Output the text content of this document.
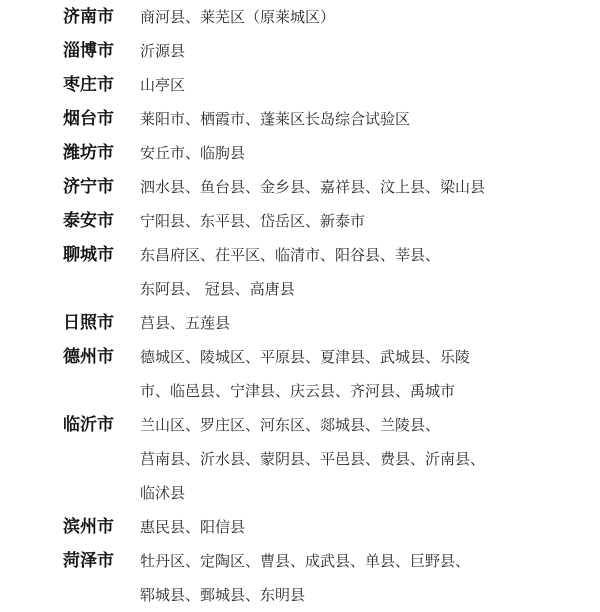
济南市	商河县、莱芜区（原莱城区）
淄博市	沂源县
枣庄市	山亭区
烟台市	莱阳市、栖霞市、蓬莱区长岛综合试验区
潍坊市	安丘市、临朐县
济宁市	泗水县、鱼台县、金乡县、嘉祥县、汶上县、梁山县
泰安市	宁阳县、东平县、岱岳区、新泰市
聊城市	东昌府区、茌平区、临清市、阳谷县、莘县、
东阿县、 冠县、高唐县
日照市	莒县、五莲县
德州市	德城区、陵城区、平原县、夏津县、武城县、乐陵
市、临邑县、宁津县、庆云县、齐河县、禹城市
临沂市	兰山区、罗庄区、河东区、郯城县、兰陵县、
莒南县、沂水县、蒙阴县、平邑县、费县、沂南县、
临沭县
滨州市	惠民县、阳信县
菏泽市	牡丹区、定陶区、曹县、成武县、单县、巨野县、
郓城县、鄄城县、东明县
